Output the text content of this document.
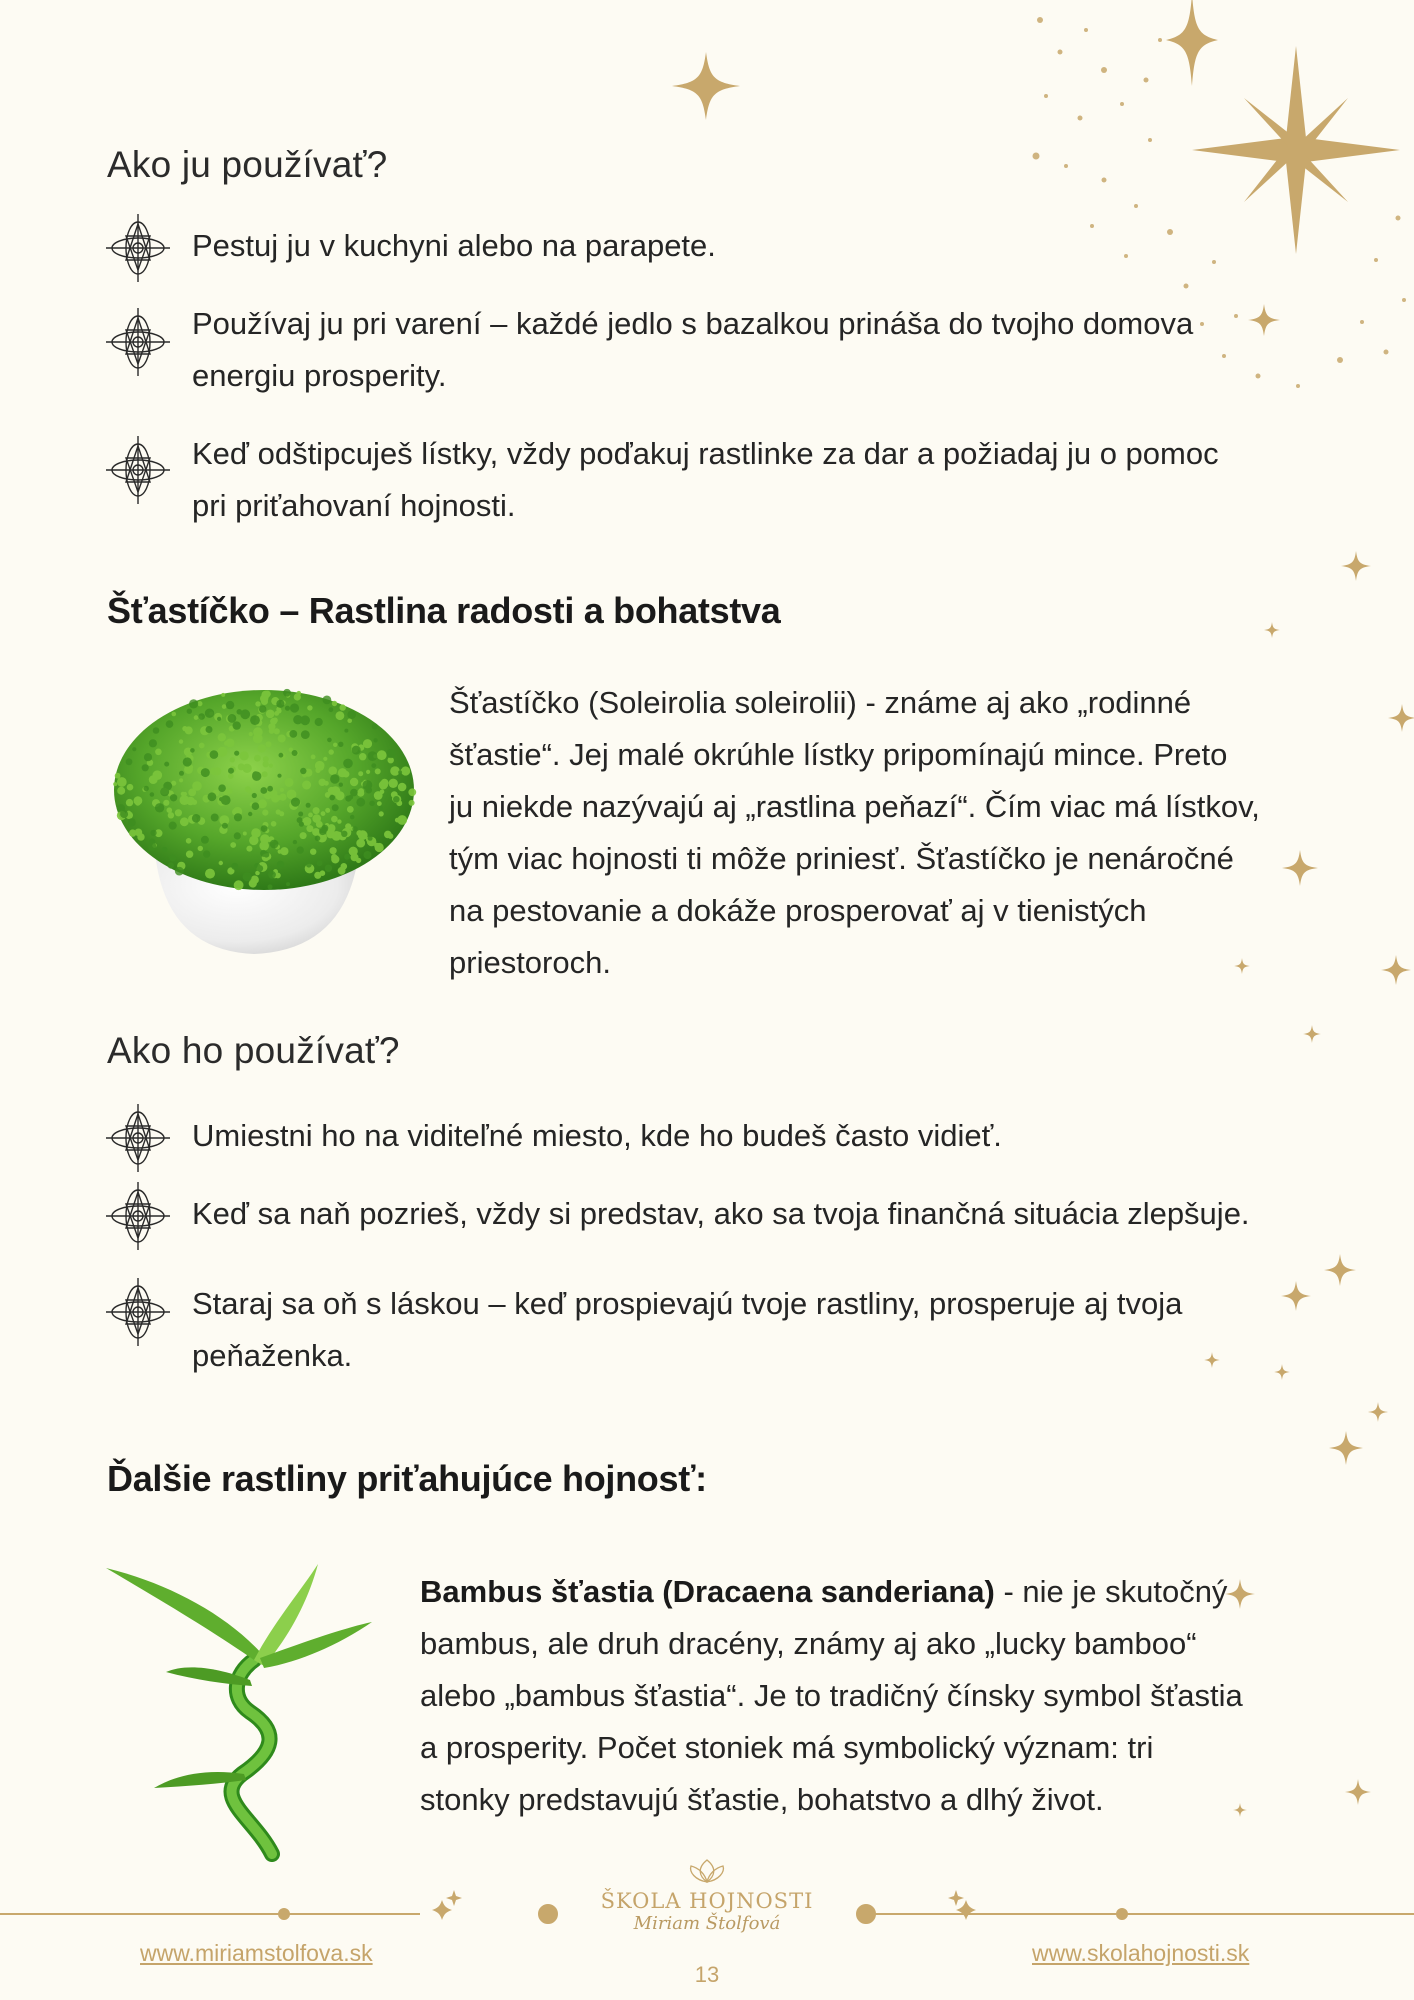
Ako ju používať?
Pestuj ju v kuchyni alebo na parapete.
Používaj ju pri varení – každé jedlo s bazalkou prináša do tvojho domova
energiu prosperity.
Keď odštipcuješ lístky, vždy poďakuj rastlinke za dar a požiadaj ju o pomoc
pri priťahovaní hojnosti.
Šťastíčko – Rastlina radosti a bohatstva
Šťastíčko (Soleirolia soleirolii) - známe aj ako „rodinné
šťastie“. Jej malé okrúhle lístky pripomínajú mince. Preto
ju niekde nazývajú aj „rastlina peňazí“. Čím viac má lístkov,
tým viac hojnosti ti môže priniesť. Šťastíčko je nenáročné
na pestovanie a dokáže prosperovať aj v tienistých
priestoroch.
Ako ho používať?
Umiestni ho na viditeľné miesto, kde ho budeš často vidieť.
Keď sa naň pozrieš, vždy si predstav, ako sa tvoja finančná situácia zlepšuje.
Staraj sa oň s láskou – keď prospievajú tvoje rastliny, prosperuje aj tvoja
peňaženka.
Ďalšie rastliny priťahujúce hojnosť:
Bambus šťastia (Dracaena sanderiana) - nie je skutočný
bambus, ale druh dracény, známy aj ako „lucky bamboo“
alebo „bambus šťastia“. Je to tradičný čínsky symbol šťastia
a prosperity. Počet stoniek má symbolický význam: tri
stonky predstavujú šťastie, bohatstvo a dlhý život.
ŠKOLA HOJNOSTI
Miriam Štolfová
www.miriamstolfova.sk	www.skolahojnosti.sk
13
